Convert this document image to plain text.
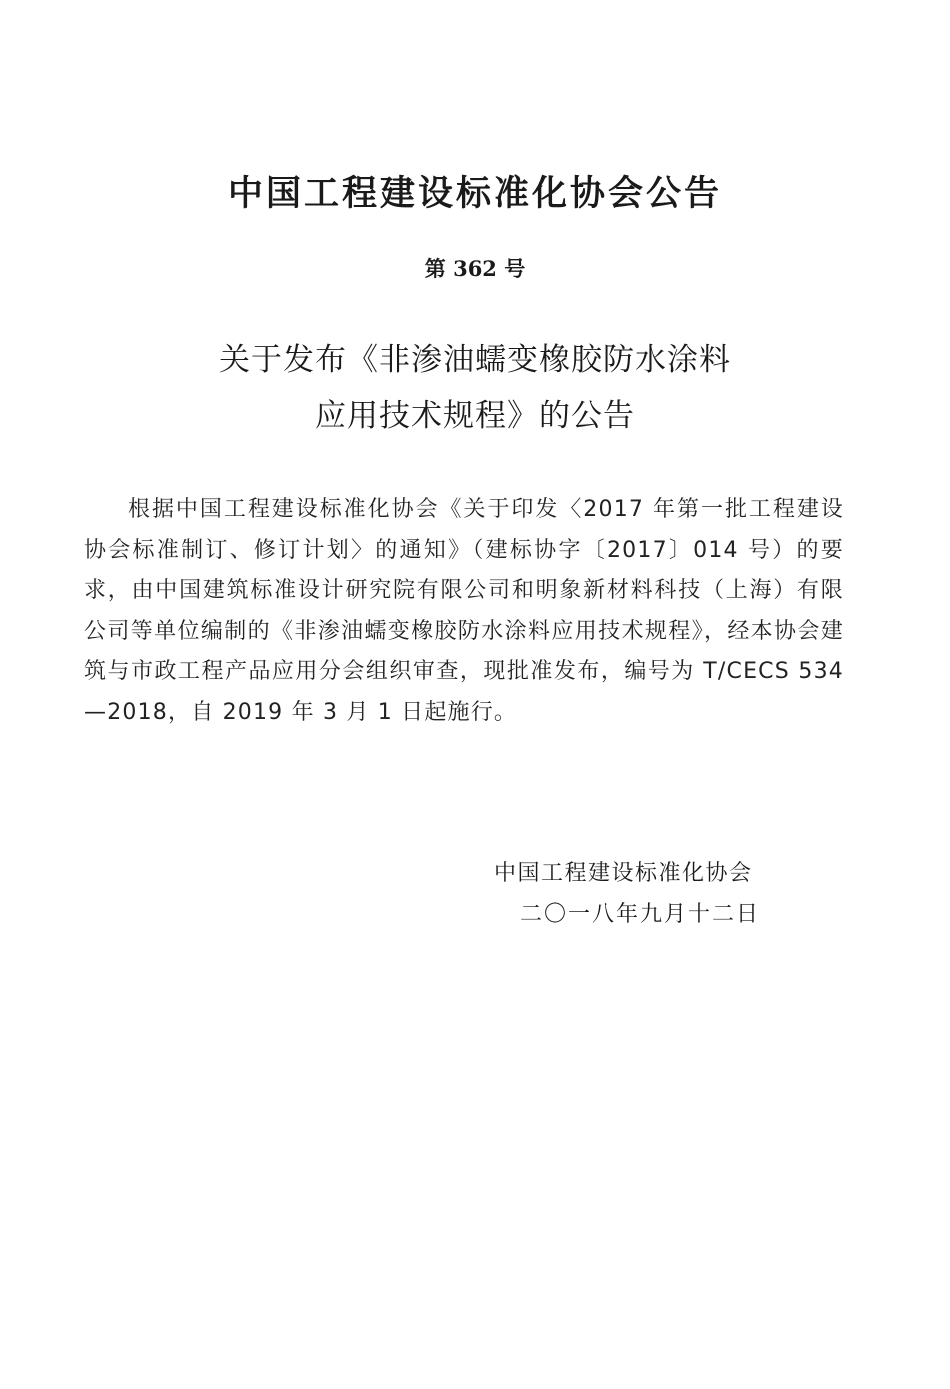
中国工程建设标准化协会公告
第 362 号
关于发布《非渗油蠕变橡胶防水涂料
应用技术规程》的公告
根据中国工程建设标准化协会《关于印发〈2017 年第一批工程建设协会标准制订、修订计划〉的通知》（建标协字〔2017〕014 号）的要求，由中国建筑标准设计研究院有限公司和明象新材料科技（上海）有限公司等单位编制的《非渗油蠕变橡胶防水涂料应用技术规程》，经本协会建筑与市政工程产品应用分会组织审查，现批准发布，编号为 T/CECS 534—2018，自 2019 年 3 月 1 日起施行。
中国工程建设标准化协会
二〇一八年九月十二日
